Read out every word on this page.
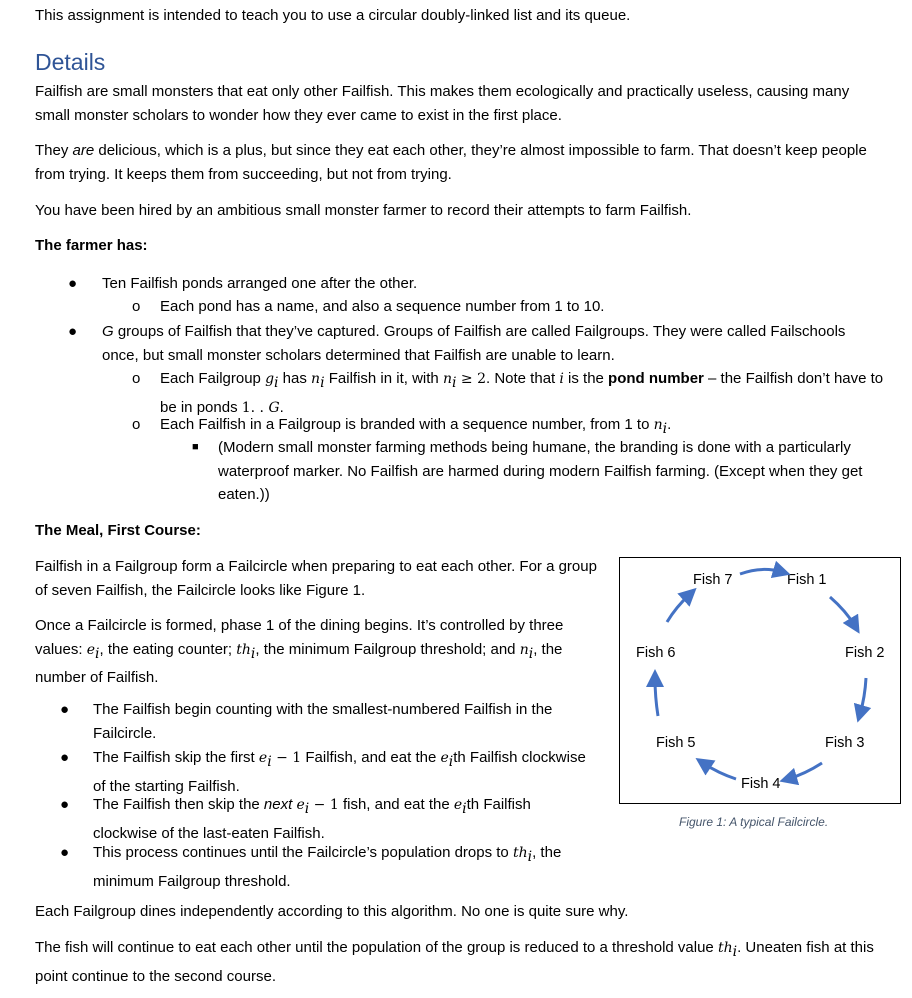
This assignment is intended to teach you to use a circular doubly-linked list and its queue.

Details

Failfish are small monsters that eat only other Failfish. This makes them ecologically and practically useless, causing many small monster scholars to wonder how they ever came to exist in the first place.

They are delicious, which is a plus, but since they eat each other, they’re almost impossible to farm. That doesn’t keep people from trying. It keeps them from succeeding, but not from trying.

You have been hired by an ambitious small monster farmer to record their attempts to farm Failfish.

The farmer has:

● Ten Failfish ponds arranged one after the other.

o Each pond has a name, and also a sequence number from 1 to 10.

● G groups of Failfish that they’ve captured. Groups of Failfish are called Failgroups. They were called Failschools once, but small monster scholars determined that Failfish are unable to learn.

o Each Failgroup $g_i$ has $n_i$ Failfish in it, with $n_i \ge 2$. Note that i is the pond number – the Failfish don’t have to be in ponds 1. . G.

o Each Failfish in a Failgroup is branded with a sequence number, from 1 to $n_i$.

■ (Modern small monster farming methods being humane, the branding is done with a particularly waterproof marker. No Failfish are harmed during modern Failfish farming. (Except when they get eaten.))

The Meal, First Course:

Failfish in a Failgroup form a Failcircle when preparing to eat each other. For a group of seven Failfish, the Failcircle looks like Figure 1.

Once a Failcircle is formed, phase 1 of the dining begins. It’s controlled by three values: $e_i$, the eating counter; $th_i$, the minimum Failgroup threshold; and $n_i$, the number of Failfish.

● The Failfish begin counting with the smallest-numbered Failfish in the Failcircle.

● The Failfish skip the first $e_i - 1$ Failfish, and eat the $e_ith$ Failfish clockwise of the starting Failfish.

● The Failfish then skip the next $e_i - 1$ fish, and eat the $e_ith$ Failfish clockwise of the last-eaten Failfish.

● This process continues until the Failcircle’s population drops to $th_i$, the minimum Failgroup threshold.

Each Failgroup dines independently according to this algorithm. No one is quite sure why.

The fish will continue to eat each other until the population of the group is reduced to a threshold value $th_i$. Uneaten fish at this point continue to the second course.

Fish 7	Fish 1
Fish 2
Fish 3
Fish 4
Fish 5
Fish 6
Figure 1: A typical Failcircle.
